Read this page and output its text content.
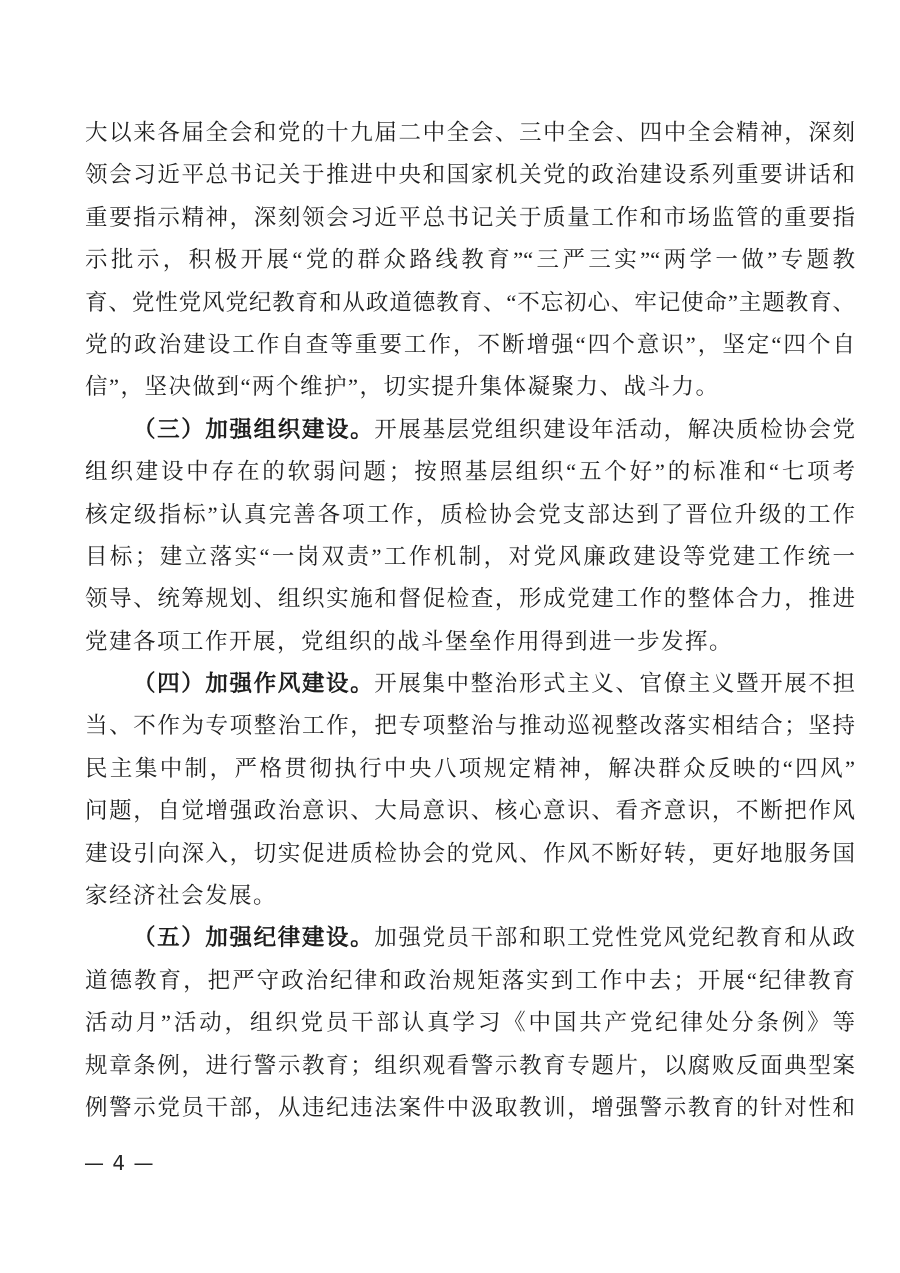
大以来各届全会和党的十九届二中全会、三中全会、四中全会精神，深刻
领会习近平总书记关于推进中央和国家机关党的政治建设系列重要讲话和
重要指示精神，深刻领会习近平总书记关于质量工作和市场监管的重要指
示批示，积极开展“党的群众路线教育”“三严三实”“两学一做”专题教
育、党性党风党纪教育和从政道德教育、“不忘初心、牢记使命”主题教育、
党的政治建设工作自查等重要工作，不断增强“四个意识”，坚定“四个自
信”，坚决做到“两个维护”，切实提升集体凝聚力、战斗力。
（三）加强组织建设。开展基层党组织建设年活动，解决质检协会党
组织建设中存在的软弱问题；按照基层组织“五个好”的标准和“七项考
核定级指标”认真完善各项工作，质检协会党支部达到了晋位升级的工作
目标；建立落实“一岗双责”工作机制，对党风廉政建设等党建工作统一
领导、统筹规划、组织实施和督促检查，形成党建工作的整体合力，推进
党建各项工作开展，党组织的战斗堡垒作用得到进一步发挥。
（四）加强作风建设。开展集中整治形式主义、官僚主义暨开展不担
当、不作为专项整治工作，把专项整治与推动巡视整改落实相结合；坚持
民主集中制，严格贯彻执行中央八项规定精神，解决群众反映的“四风”
问题，自觉增强政治意识、大局意识、核心意识、看齐意识，不断把作风
建设引向深入，切实促进质检协会的党风、作风不断好转，更好地服务国
家经济社会发展。
（五）加强纪律建设。加强党员干部和职工党性党风党纪教育和从政
道德教育，把严守政治纪律和政治规矩落实到工作中去；开展“纪律教育
活动月”活动，组织党员干部认真学习《中国共产党纪律处分条例》等
规章条例，进行警示教育；组织观看警示教育专题片，以腐败反面典型案
例警示党员干部，从违纪违法案件中汲取教训，增强警示教育的针对性和
— 4 —
